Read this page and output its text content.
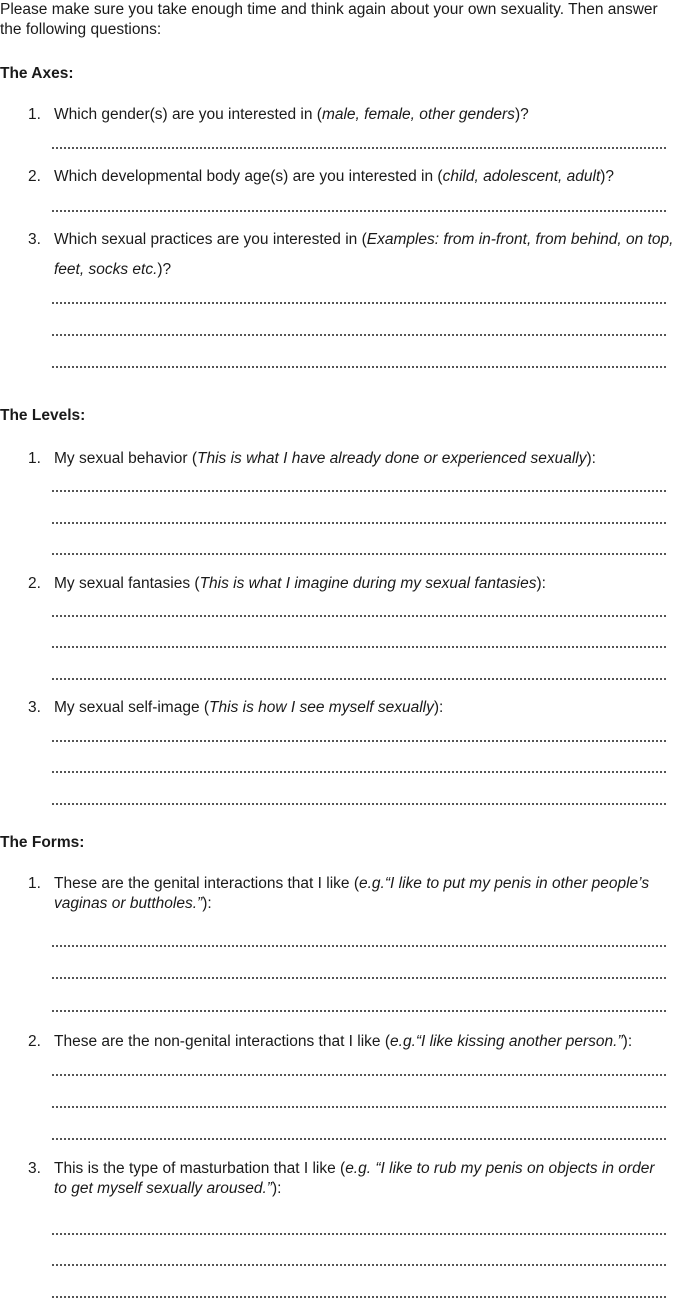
Please make sure you take enough time and think again about your own sexuality. Then answer the following questions:
The Axes:
1. Which gender(s) are you interested in (male, female, other genders)?
2. Which developmental body age(s) are you interested in (child, adolescent, adult)?
3. Which sexual practices are you interested in (Examples: from in-front, from behind, on top, feet, socks etc.)?
The Levels:
1. My sexual behavior (This is what I have already done or experienced sexually):
2. My sexual fantasies (This is what I imagine during my sexual fantasies):
3. My sexual self-image (This is how I see myself sexually):
The Forms:
1. These are the genital interactions that I like (e.g.“I like to put my penis in other people’s vaginas or buttholes.”):
2. These are the non-genital interactions that I like (e.g.“I like kissing another person.”):
3. This is the type of masturbation that I like (e.g. “I like to rub my penis on objects in order to get myself sexually aroused.”):
